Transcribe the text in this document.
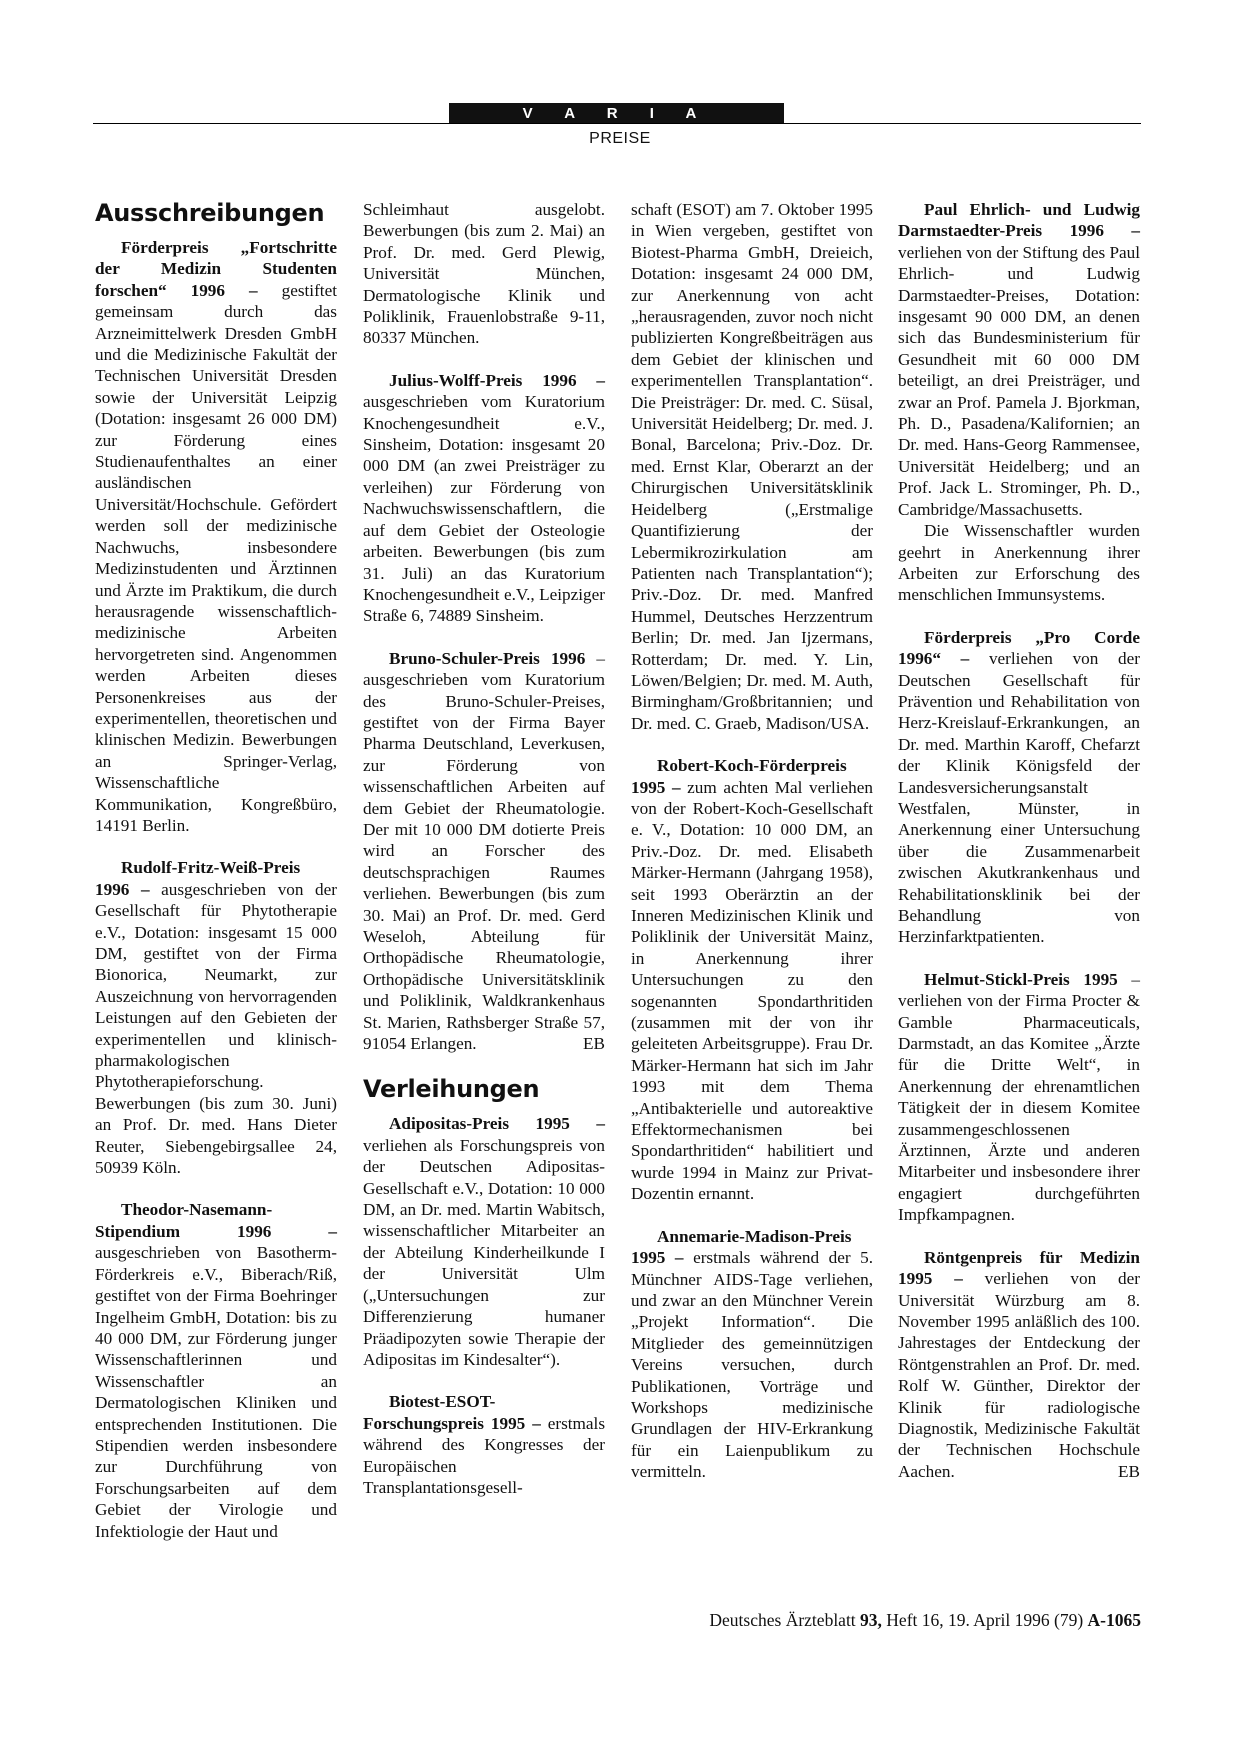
V A R I A
PREISE
Ausschreibungen

Förderpreis „Fortschritte der Medizin Studenten forschen“ 1996 – gestiftet gemeinsam durch das Arzneimittelwerk Dresden GmbH und die Medizinische Fakultät der Technischen Universität Dresden sowie der Universität Leipzig (Dotation: insgesamt 26 000 DM) zur Förderung eines Studienaufenthaltes an einer ausländischen Universität/Hochschule. Gefördert werden soll der medizinische Nachwuchs, insbesondere Medizinstudenten und Ärztinnen und Ärzte im Praktikum, die durch herausragende wissenschaftlich-medizinische Arbeiten hervorgetreten sind. Angenommen werden Arbeiten dieses Personenkreises aus der experimentellen, theoretischen und klinischen Medizin. Bewerbungen an Springer-Verlag, Wissenschaftliche Kommunikation, Kongreßbüro, 14191 Berlin.

Rudolf-Fritz-Weiß-Preis 1996 – ausgeschrieben von der Gesellschaft für Phytotherapie e.V., Dotation: insgesamt 15 000 DM, gestiftet von der Firma Bionorica, Neumarkt, zur Auszeichnung von hervorragenden Leistungen auf den Gebieten der experimentellen und klinisch-pharmakologischen Phytotherapieforschung. Bewerbungen (bis zum 30. Juni) an Prof. Dr. med. Hans Dieter Reuter, Siebengebirgsallee 24, 50939 Köln.

Theodor-Nasemann-Stipendium 1996 – ausgeschrieben von Basotherm-Förderkreis e.V., Biberach/Riß, gestiftet von der Firma Boehringer Ingelheim GmbH, Dotation: bis zu 40 000 DM, zur Förderung junger Wissenschaftlerinnen und Wissenschaftler an Dermatologischen Kliniken und entsprechenden Institutionen. Die Stipendien werden insbesondere zur Durchführung von Forschungsarbeiten auf dem Gebiet der Virologie und Infektiologie der Haut und

Schleimhaut ausgelobt. Bewerbungen (bis zum 2. Mai) an Prof. Dr. med. Gerd Plewig, Universität München, Dermatologische Klinik und Poliklinik, Frauenlobstraße 9-11, 80337 München.

Julius-Wolff-Preis 1996 – ausgeschrieben vom Kuratorium Knochengesundheit e.V., Sinsheim, Dotation: insgesamt 20 000 DM (an zwei Preisträger zu verleihen) zur Förderung von Nachwuchswissenschaftlern, die auf dem Gebiet der Osteologie arbeiten. Bewerbungen (bis zum 31. Juli) an das Kuratorium Knochengesundheit e.V., Leipziger Straße 6, 74889 Sinsheim.

Bruno-Schuler-Preis 1996 – ausgeschrieben vom Kuratorium des Bruno-Schuler-Preises, gestiftet von der Firma Bayer Pharma Deutschland, Leverkusen, zur Förderung von wissenschaftlichen Arbeiten auf dem Gebiet der Rheumatologie. Der mit 10 000 DM dotierte Preis wird an Forscher des deutschsprachigen Raumes verliehen. Bewerbungen (bis zum 30. Mai) an Prof. Dr. med. Gerd Weseloh, Abteilung für Orthopädische Rheumatologie, Orthopädische Universitätsklinik und Poliklinik, Waldkrankenhaus St. Marien, Rathsberger Straße 57, 91054 Erlangen.	EB

Verleihungen

Adipositas-Preis 1995 – verliehen als Forschungspreis von der Deutschen Adipositas-Gesellschaft e.V., Dotation: 10 000 DM, an Dr. med. Martin Wabitsch, wissenschaftlicher Mitarbeiter an der Abteilung Kinderheilkunde I der Universität Ulm („Untersuchungen zur Differenzierung humaner Präadipozyten sowie Therapie der Adipositas im Kindesalter“).

Biotest-ESOT-Forschungspreis 1995 – erstmals während des Kongresses der Europäischen Transplantationsgesell-

schaft (ESOT) am 7. Oktober 1995 in Wien vergeben, gestiftet von Biotest-Pharma GmbH, Dreieich, Dotation: insgesamt 24 000 DM, zur Anerkennung von acht „herausragenden, zuvor noch nicht publizierten Kongreßbeiträgen aus dem Gebiet der klinischen und experimentellen Transplantation“. Die Preisträger: Dr. med. C. Süsal, Universität Heidelberg; Dr. med. J. Bonal, Barcelona; Priv.-Doz. Dr. med. Ernst Klar, Oberarzt an der Chirurgischen Universitätsklinik Heidelberg („Erstmalige Quantifizierung der Lebermikrozirkulation am Patienten nach Transplantation“); Priv.-Doz. Dr. med. Manfred Hummel, Deutsches Herzzentrum Berlin; Dr. med. Jan Ijzermans, Rotterdam; Dr. med. Y. Lin, Löwen/Belgien; Dr. med. M. Auth, Birmingham/Großbritannien; und Dr. med. C. Graeb, Madison/USA.

Robert-Koch-Förderpreis 1995 – zum achten Mal verliehen von der Robert-Koch-Gesellschaft e. V., Dotation: 10 000 DM, an Priv.-Doz. Dr. med. Elisabeth Märker-Hermann (Jahrgang 1958), seit 1993 Oberärztin an der Inneren Medizinischen Klinik und Poliklinik der Universität Mainz, in Anerkennung ihrer Untersuchungen zu den sogenannten Spondarthritiden (zusammen mit der von ihr geleiteten Arbeitsgruppe). Frau Dr. Märker-Hermann hat sich im Jahr 1993 mit dem Thema „Antibakterielle und autoreaktive Effektormechanismen bei Spondarthritiden“ habilitiert und wurde 1994 in Mainz zur Privat-Dozentin ernannt.

Annemarie-Madison-Preis 1995 – erstmals während der 5. Münchner AIDS-Tage verliehen, und zwar an den Münchner Verein „Projekt Information“. Die Mitglieder des gemeinnützigen Vereins versuchen, durch Publikationen, Vorträge und Workshops medizinische Grundlagen der HIV-Erkrankung für ein Laienpublikum zu vermitteln.

Paul Ehrlich- und Ludwig Darmstaedter-Preis 1996 – verliehen von der Stiftung des Paul Ehrlich- und Ludwig Darmstaedter-Preises, Dotation: insgesamt 90 000 DM, an denen sich das Bundesministerium für Gesundheit mit 60 000 DM beteiligt, an drei Preisträger, und zwar an Prof. Pamela J. Bjorkman, Ph. D., Pasadena/Kalifornien; an Dr. med. Hans-Georg Rammensee, Universität Heidelberg; und an Prof. Jack L. Strominger, Ph. D., Cambridge/Massachusetts.

Die Wissenschaftler wurden geehrt in Anerkennung ihrer Arbeiten zur Erforschung des menschlichen Immunsystems.

Förderpreis „Pro Corde 1996“ – verliehen von der Deutschen Gesellschaft für Prävention und Rehabilitation von Herz-Kreislauf-Erkrankungen, an Dr. med. Marthin Karoff, Chefarzt der Klinik Königsfeld der Landesversicherungsanstalt Westfalen, Münster, in Anerkennung einer Untersuchung über die Zusammenarbeit zwischen Akutkrankenhaus und Rehabilitationsklinik bei der Behandlung von Herzinfarktpatienten.

Helmut-Stickl-Preis 1995 – verliehen von der Firma Procter & Gamble Pharmaceuticals, Darmstadt, an das Komitee „Ärzte für die Dritte Welt“, in Anerkennung der ehrenamtlichen Tätigkeit der in diesem Komitee zusammengeschlossenen Ärztinnen, Ärzte und anderen Mitarbeiter und insbesondere ihrer engagiert durchgeführten Impfkampagnen.

Röntgenpreis für Medizin 1995 – verliehen von der Universität Würzburg am 8. November 1995 anläßlich des 100. Jahrestages der Entdeckung der Röntgenstrahlen an Prof. Dr. med. Rolf W. Günther, Direktor der Klinik für radiologische Diagnostik, Medizinische Fakultät der Technischen Hochschule Aachen.	EB

Deutsches Ärzteblatt 93, Heft 16, 19. April 1996 (79) A-1065
